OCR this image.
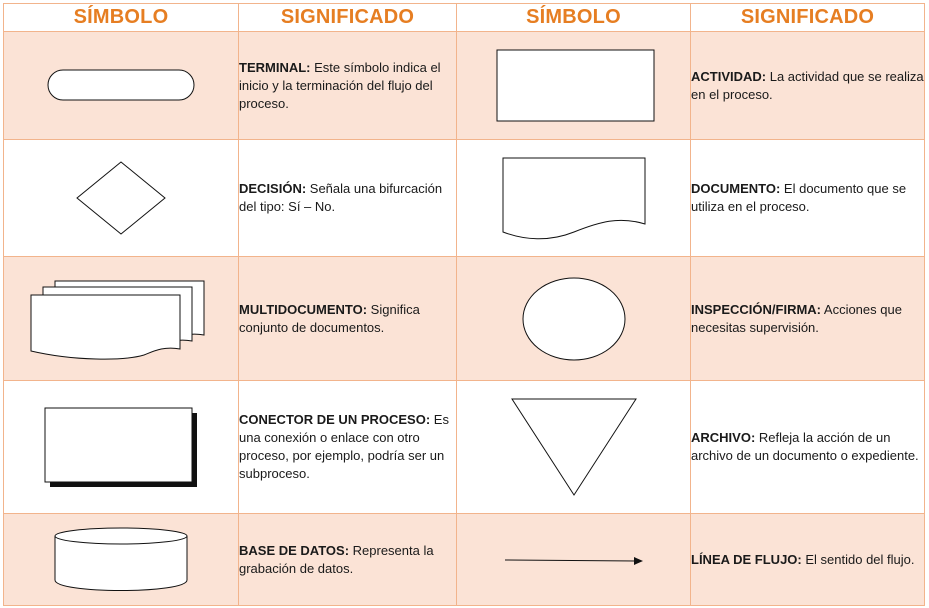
SÍMBOLO	SIGNIFICADO	SÍMBOLO	SIGNIFICADO

	TERMINAL: Este símbolo indica el inicio y la terminación del flujo del proceso.		ACTIVIDAD: La actividad que se realiza en el proceso.

	DECISIÓN: Señala una bifurcación del tipo: Sí – No.		DOCUMENTO: El documento que se utiliza en el proceso.

	MULTIDOCUMENTO: Significa conjunto de documentos.		INSPECCIÓN/FIRMA: Acciones que necesitas supervisión.

	CONECTOR DE UN PROCESO: Es una conexión o enlace con otro proceso, por ejemplo, podría ser un subproceso.		ARCHIVO: Refleja la acción de un archivo de un documento o expediente.

	BASE DE DATOS: Representa la grabación de datos.		LÍNEA DE FLUJO: El sentido del flujo.
